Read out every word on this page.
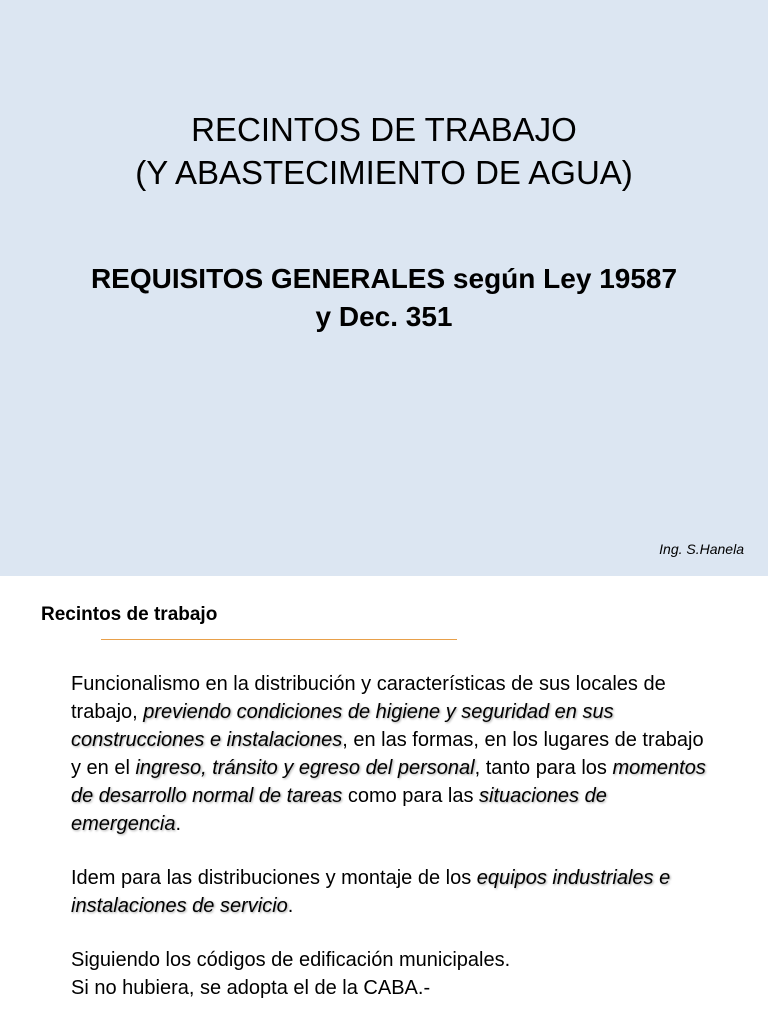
RECINTOS DE TRABAJO
(Y ABASTECIMIENTO DE AGUA)
REQUISITOS GENERALES según Ley 19587
y Dec. 351
Ing. S.Hanela
Recintos de trabajo

Funcionalismo en la distribución y características de sus locales de trabajo, previendo condiciones de higiene y seguridad en sus construcciones e instalaciones, en las formas, en los lugares de trabajo y en el ingreso, tránsito y egreso del personal, tanto para los momentos de desarrollo normal de tareas como para las situaciones de emergencia.

Idem para las distribuciones y montaje de los equipos industriales e instalaciones de servicio.

Siguiendo los códigos de edificación municipales.
Si no hubiera, se adopta el de la CABA.-
